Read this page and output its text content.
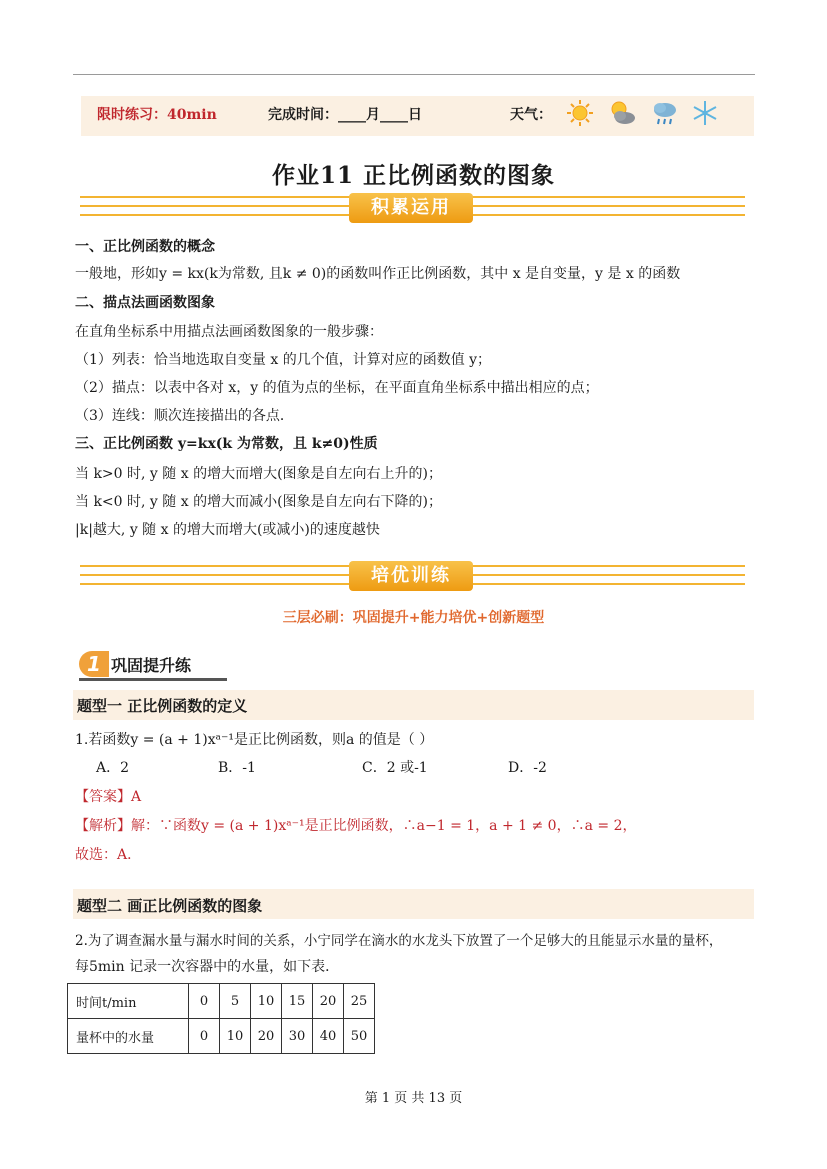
限时练习：40min	完成时间：____月____日	天气：
作业11 正比例函数的图象
积累运用
一、正比例函数的概念
一般地，形如y = kx(k为常数, 且k ≠ 0)的函数叫作正比例函数，其中 x 是自变量，y 是 x 的函数
二、描点法画函数图象
在直角坐标系中用描点法画函数图象的一般步骤：
（1）列表：恰当地选取自变量 x 的几个值，计算对应的函数值 y；
（2）描点：以表中各对 x，y 的值为点的坐标，在平面直角坐标系中描出相应的点；
（3）连线：顺次连接描出的各点．
三、正比例函数 y=kx(k 为常数，且 k≠0)性质
当 k>0 时, y 随 x 的增大而增大(图象是自左向右上升的)；
当 k<0 时, y 随 x 的增大而减小(图象是自左向右下降的)；
|k|越大, y 随 x 的增大而增大(或减小)的速度越快
培优训练
三层必刷：巩固提升+能力培优+创新题型
1 巩固提升练
题型一 正比例函数的定义
1.若函数y = (a + 1)xᵃ⁻¹是正比例函数，则a 的值是（ ）
A．2	B．-1	C．2 或-1	D．-2
【答案】A
【解析】解：∵函数y = (a + 1)xᵃ⁻¹是正比例函数，∴a−1 = 1，a + 1 ≠ 0，∴a = 2，
故选：A．
题型二 画正比例函数的图象
2.为了调查漏水量与漏水时间的关系，小宁同学在滴水的水龙头下放置了一个足够大的且能显示水量的量杯，
每5min 记录一次容器中的水量，如下表．
时间t/min	0	5	10	15	20	25
量杯中的水量	0	10	20	30	40	50
第 1 页 共 13 页
